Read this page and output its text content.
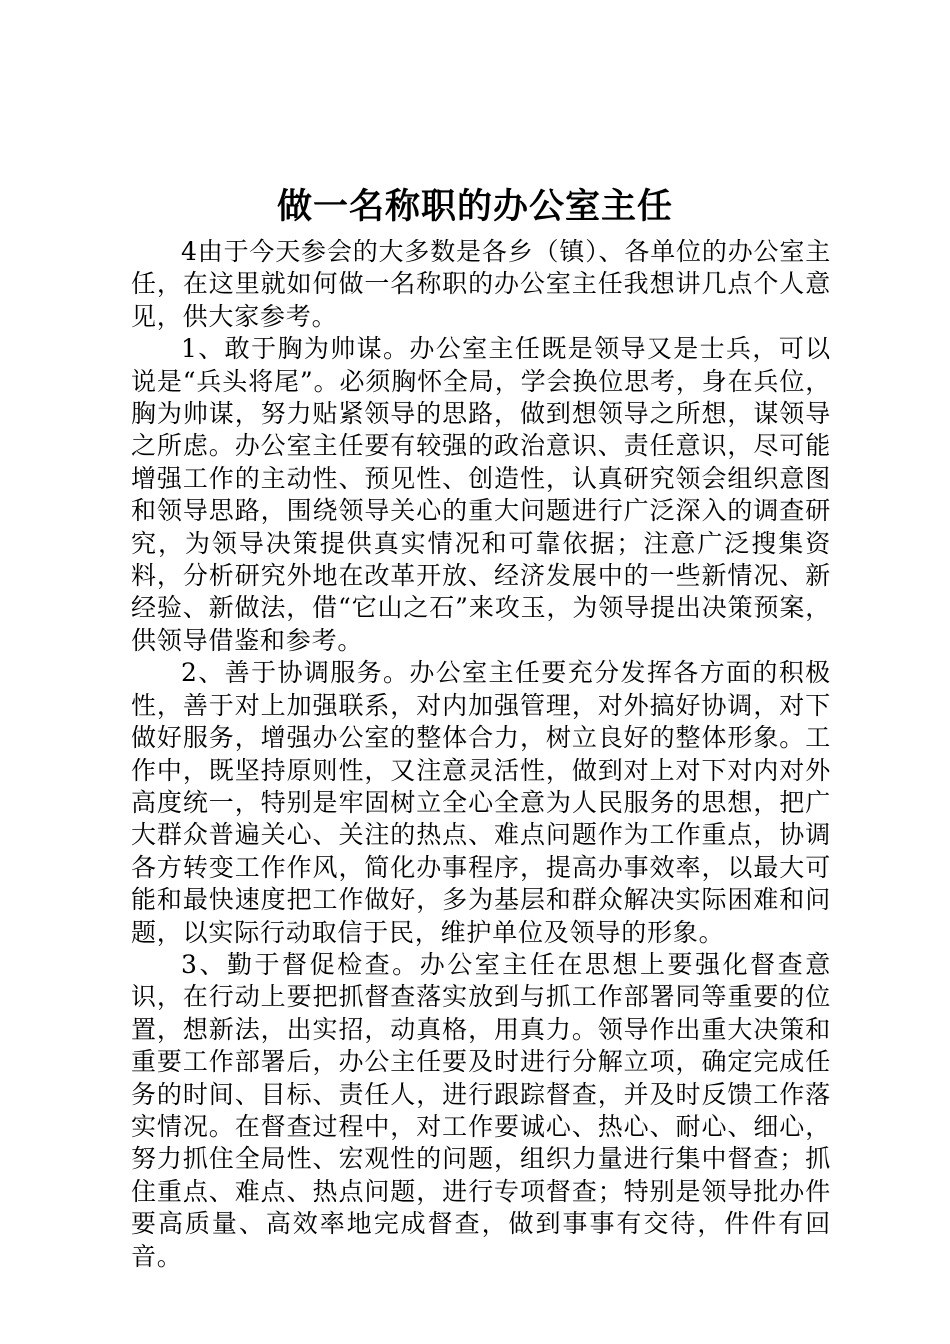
做一名称职的办公室主任

4由于今天参会的大多数是各乡（镇）、各单位的办公室主任，在这里就如何做一名称职的办公室主任我想讲几点个人意见，供大家参考。

1、敢于胸为帅谋。办公室主任既是领导又是士兵，可以说是“兵头将尾”。必须胸怀全局，学会换位思考，身在兵位，胸为帅谋，努力贴紧领导的思路，做到想领导之所想，谋领导之所虑。办公室主任要有较强的政治意识、责任意识，尽可能增强工作的主动性、预见性、创造性，认真研究领会组织意图和领导思路，围绕领导关心的重大问题进行广泛深入的调查研究，为领导决策提供真实情况和可靠依据；注意广泛搜集资料，分析研究外地在改革开放、经济发展中的一些新情况、新经验、新做法，借“它山之石”来攻玉，为领导提出决策预案，供领导借鉴和参考。

2、善于协调服务。办公室主任要充分发挥各方面的积极性，善于对上加强联系，对内加强管理，对外搞好协调，对下做好服务，增强办公室的整体合力，树立良好的整体形象。工作中，既坚持原则性，又注意灵活性，做到对上对下对内对外高度统一，特别是牢固树立全心全意为人民服务的思想，把广大群众普遍关心、关注的热点、难点问题作为工作重点，协调各方转变工作作风，简化办事程序，提高办事效率，以最大可能和最快速度把工作做好，多为基层和群众解决实际困难和问题，以实际行动取信于民，维护单位及领导的形象。

3、勤于督促检查。办公室主任在思想上要强化督查意识，在行动上要把抓督查落实放到与抓工作部署同等重要的位置，想新法，出实招，动真格，用真力。领导作出重大决策和重要工作部署后，办公主任要及时进行分解立项，确定完成任务的时间、目标、责任人，进行跟踪督查，并及时反馈工作落实情况。在督查过程中，对工作要诚心、热心、耐心、细心，努力抓住全局性、宏观性的问题，组织力量进行集中督查；抓住重点、难点、热点问题，进行专项督查；特别是领导批办件要高质量、高效率地完成督查，做到事事有交待，件件有回音。
